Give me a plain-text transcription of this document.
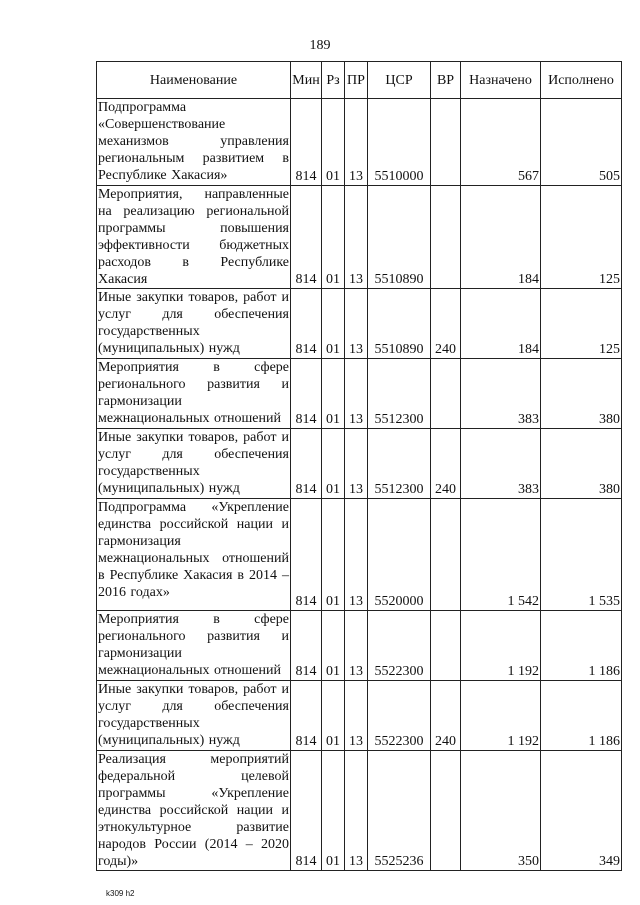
189
Наименование	Мин	Рз	ПР	ЦСР	ВР	Назначено	Исполнено
Подпрограмма «Совершенствование механизмов управления региональным развитием в Республике Хакасия»	814	01	13	5510000		567	505
Мероприятия, направленные на реализацию региональной программы повышения эффективности бюджетных расходов в Республике Хакасия	814	01	13	5510890		184	125
Иные закупки товаров, работ и услуг для обеспечения государственных (муниципальных) нужд	814	01	13	5510890	240	184	125
Мероприятия в сфере регионального развития и гармонизации межнациональных отношений	814	01	13	5512300		383	380
Иные закупки товаров, работ и услуг для обеспечения государственных (муниципальных) нужд	814	01	13	5512300	240	383	380
Подпрограмма «Укрепление единства российской нации и гармонизация межнациональных отношений в Республике Хакасия в 2014 – 2016 годах»	814	01	13	5520000		1 542	1 535
Мероприятия в сфере регионального развития и гармонизации межнациональных отношений	814	01	13	5522300		1 192	1 186
Иные закупки товаров, работ и услуг для обеспечения государственных (муниципальных) нужд	814	01	13	5522300	240	1 192	1 186
Реализация мероприятий федеральной целевой программы «Укрепление единства российской нации и этнокультурное развитие народов России (2014 – 2020 годы)»	814	01	13	5525236		350	349
k309 h2
